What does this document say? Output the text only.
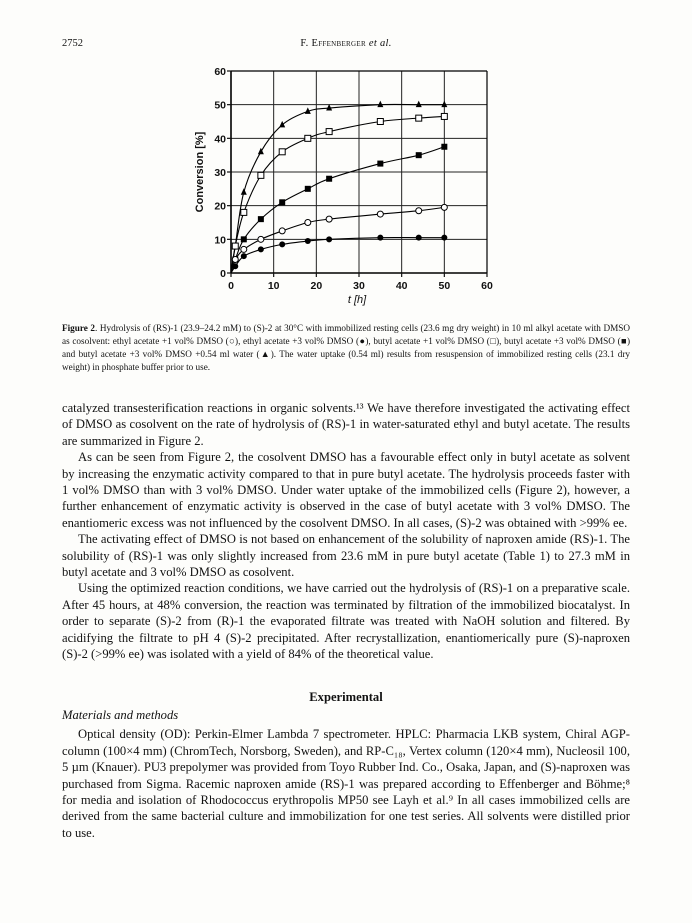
2752	F. Effenberger et al.
0
10
20
30
40
50
60
0	10	20	30	40	50	60
Conversion [%]
t [h]
Figure 2. Hydrolysis of (RS)-1 (23.9–24.2 mM) to (S)-2 at 30°C with immobilized resting cells (23.6 mg dry weight) in 10 ml alkyl acetate with DMSO as cosolvent: ethyl acetate +1 vol% DMSO (○), ethyl acetate +3 vol% DMSO (●), butyl acetate +1 vol% DMSO (□), butyl acetate +3 vol% DMSO (■) and butyl acetate +3 vol% DMSO +0.54 ml water (▲). The water uptake (0.54 ml) results from resuspension of immobilized resting cells (23.1 dry weight) in phosphate buffer prior to use.

catalyzed transesterification reactions in organic solvents.¹³ We have therefore investigated the activating effect of DMSO as cosolvent on the rate of hydrolysis of (RS)-1 in water-saturated ethyl and butyl acetate. The results are summarized in Figure 2.

As can be seen from Figure 2, the cosolvent DMSO has a favourable effect only in butyl acetate as solvent by increasing the enzymatic activity compared to that in pure butyl acetate. The hydrolysis proceeds faster with 1 vol% DMSO than with 3 vol% DMSO. Under water uptake of the immobilized cells (Figure 2), however, a further enhancement of enzymatic activity is observed in the case of butyl acetate with 3 vol% DMSO. The enantiomeric excess was not influenced by the cosolvent DMSO. In all cases, (S)-2 was obtained with >99% ee.

The activating effect of DMSO is not based on enhancement of the solubility of naproxen amide (RS)-1. The solubility of (RS)-1 was only slightly increased from 23.6 mM in pure butyl acetate (Table 1) to 27.3 mM in butyl acetate and 3 vol% DMSO as cosolvent.

Using the optimized reaction conditions, we have carried out the hydrolysis of (RS)-1 on a preparative scale. After 45 hours, at 48% conversion, the reaction was terminated by filtration of the immobilized biocatalyst. In order to separate (S)-2 from (R)-1 the evaporated filtrate was treated with NaOH solution and filtered. By acidifying the filtrate to pH 4 (S)-2 precipitated. After recrystallization, enantiomerically pure (S)-naproxen (S)-2 (>99% ee) was isolated with a yield of 84% of the theoretical value.

Experimental
Materials and methods

Optical density (OD): Perkin-Elmer Lambda 7 spectrometer. HPLC: Pharmacia LKB system, Chiral AGP-column (100×4 mm) (ChromTech, Norsborg, Sweden), and RP-C₁₈, Vertex column (120×4 mm), Nucleosil 100, 5 µm (Knauer). PU3 prepolymer was provided from Toyo Rubber Ind. Co., Osaka, Japan, and (S)-naproxen was purchased from Sigma. Racemic naproxen amide (RS)-1 was prepared according to Effenberger and Böhme;⁸ for media and isolation of Rhodococcus erythropolis MP50 see Layh et al.⁹ In all cases immobilized cells are derived from the same bacterial culture and immobilization for one test series. All solvents were distilled prior to use.
